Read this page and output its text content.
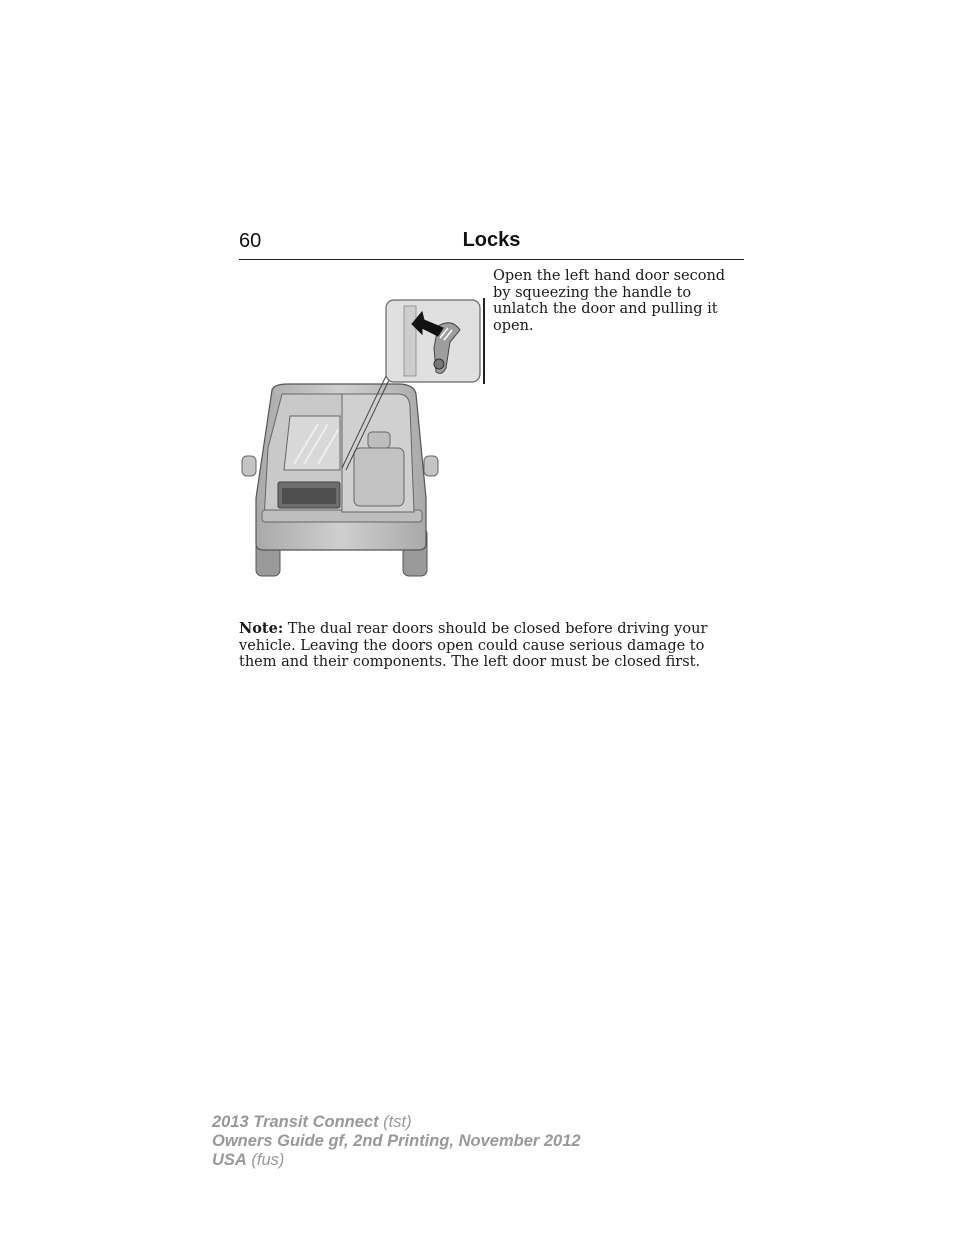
60	Locks

Open the left hand door second by squeezing the handle to unlatch the door and pulling it open.

Note: The dual rear doors should be closed before driving your vehicle. Leaving the doors open could cause serious damage to them and their components. The left door must be closed first.

2013 Transit Connect (tst)
Owners Guide gf, 2nd Printing, November 2012
USA (fus)
